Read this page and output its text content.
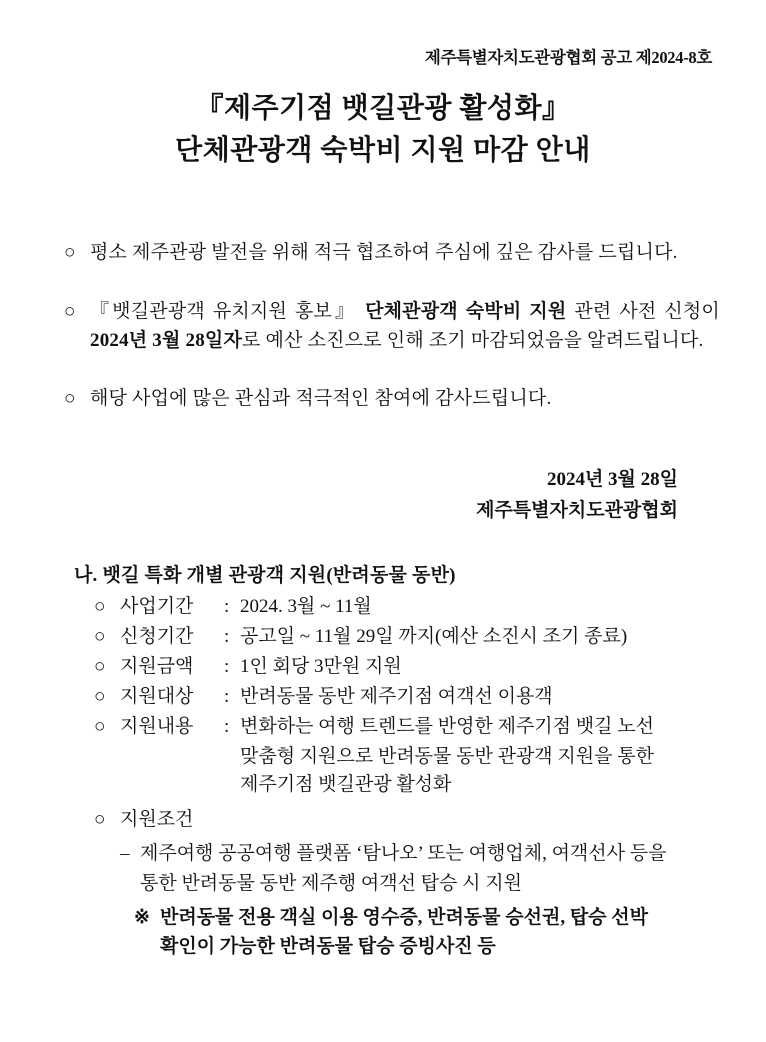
제주특별자치도관광협회 공고 제2024-8호
『제주기점 뱃길관광 활성화』
단체관광객 숙박비 지원 마감 안내
○ 평소 제주관광 발전을 위해 적극 협조하여 주심에 깊은 감사를 드립니다.
○ 『뱃길관광객 유치지원 홍보』 단체관광객 숙박비 지원 관련 사전 신청이 2024년 3월 28일자로 예산 소진으로 인해 조기 마감되었음을 알려드립니다.
○ 해당 사업에 많은 관심과 적극적인 참여에 감사드립니다.
2024년 3월 28일
제주특별자치도관광협회
나. 뱃길 특화 개별 관광객 지원(반려동물 동반)
○ 사업기간	: 2024. 3월 ~ 11월
○ 신청기간	: 공고일 ~ 11월 29일 까지(예산 소진시 조기 종료)
○ 지원금액	: 1인 회당 3만원 지원
○ 지원대상	: 반려동물 동반 제주기점 여객선 이용객
○ 지원내용	: 변화하는 여행 트렌드를 반영한 제주기점 뱃길 노선
맞춤형 지원으로 반려동물 동반 관광객 지원을 통한
제주기점 뱃길관광 활성화
○ 지원조건
– 제주여행 공공여행 플랫폼 ‘탐나오’ 또는 여행업체, 여객선사 등을
통한 반려동물 동반 제주행 여객선 탑승 시 지원
※ 반려동물 전용 객실 이용 영수증, 반려동물 승선권, 탑승 선박
확인이 가능한 반려동물 탑승 증빙사진 등
